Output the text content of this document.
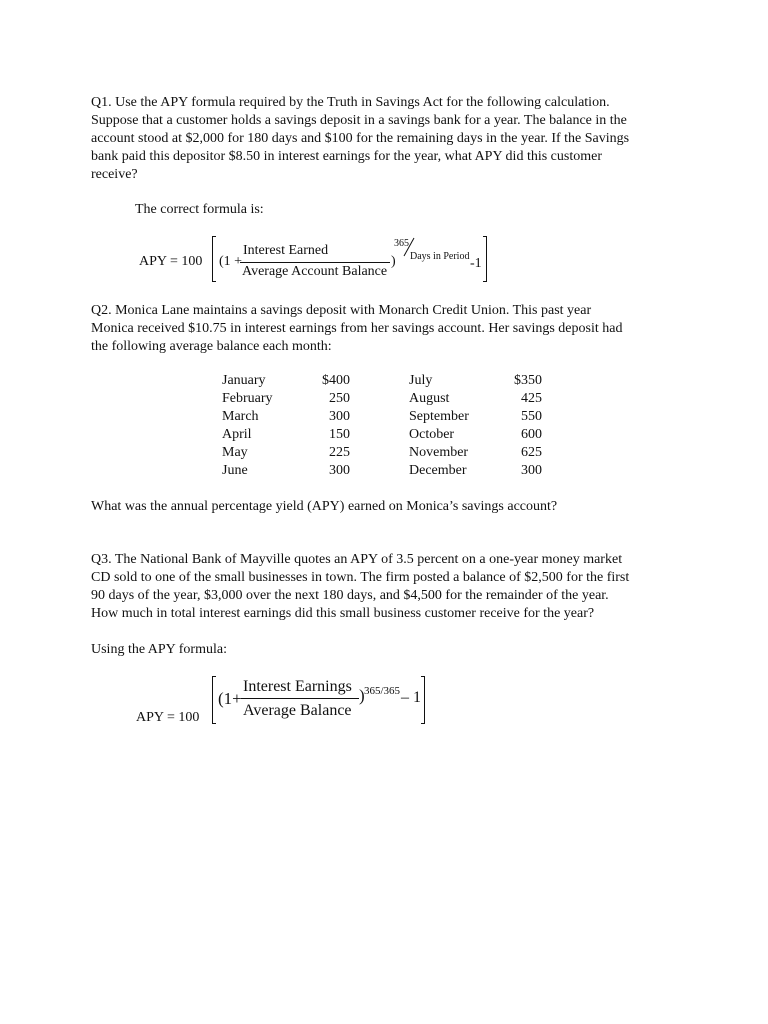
Q1. Use the APY formula required by the Truth in Savings Act for the following calculation.
Suppose that a customer holds a savings deposit in a savings bank for a year. The balance in the
account stood at $2,000 for 180 days and $100 for the remaining days in the year. If the Savings
bank paid this depositor $8.50 in interest earnings for the year, what APY did this customer
receive?
The correct formula is:
APY = 100 (1 +
Interest Earned
Average Account Balance
)
365
Days in Period -1
Q2. Monica Lane maintains a savings deposit with Monarch Credit Union. This past year
Monica received $10.75 in interest earnings from her savings account. Her savings deposit had
the following average balance each month:
January
February
March
April
May
June
$400
250
300
150
225
300
July
August
September
October
November
December
$350
425
550
600
625
300
What was the annual percentage yield (APY) earned on Monica’s savings account?
Q3. The National Bank of Mayville quotes an APY of 3.5 percent on a one-year money market
CD sold to one of the small businesses in town. The firm posted a balance of $2,500 for the first
90 days of the year, $3,000 over the next 180 days, and $4,500 for the remainder of the year.
How much in total interest earnings did this small business customer receive for the year?
Using the APY formula:
APY = 100
(1+
Interest Earnings
Average Balance
) 365/365 – 1
